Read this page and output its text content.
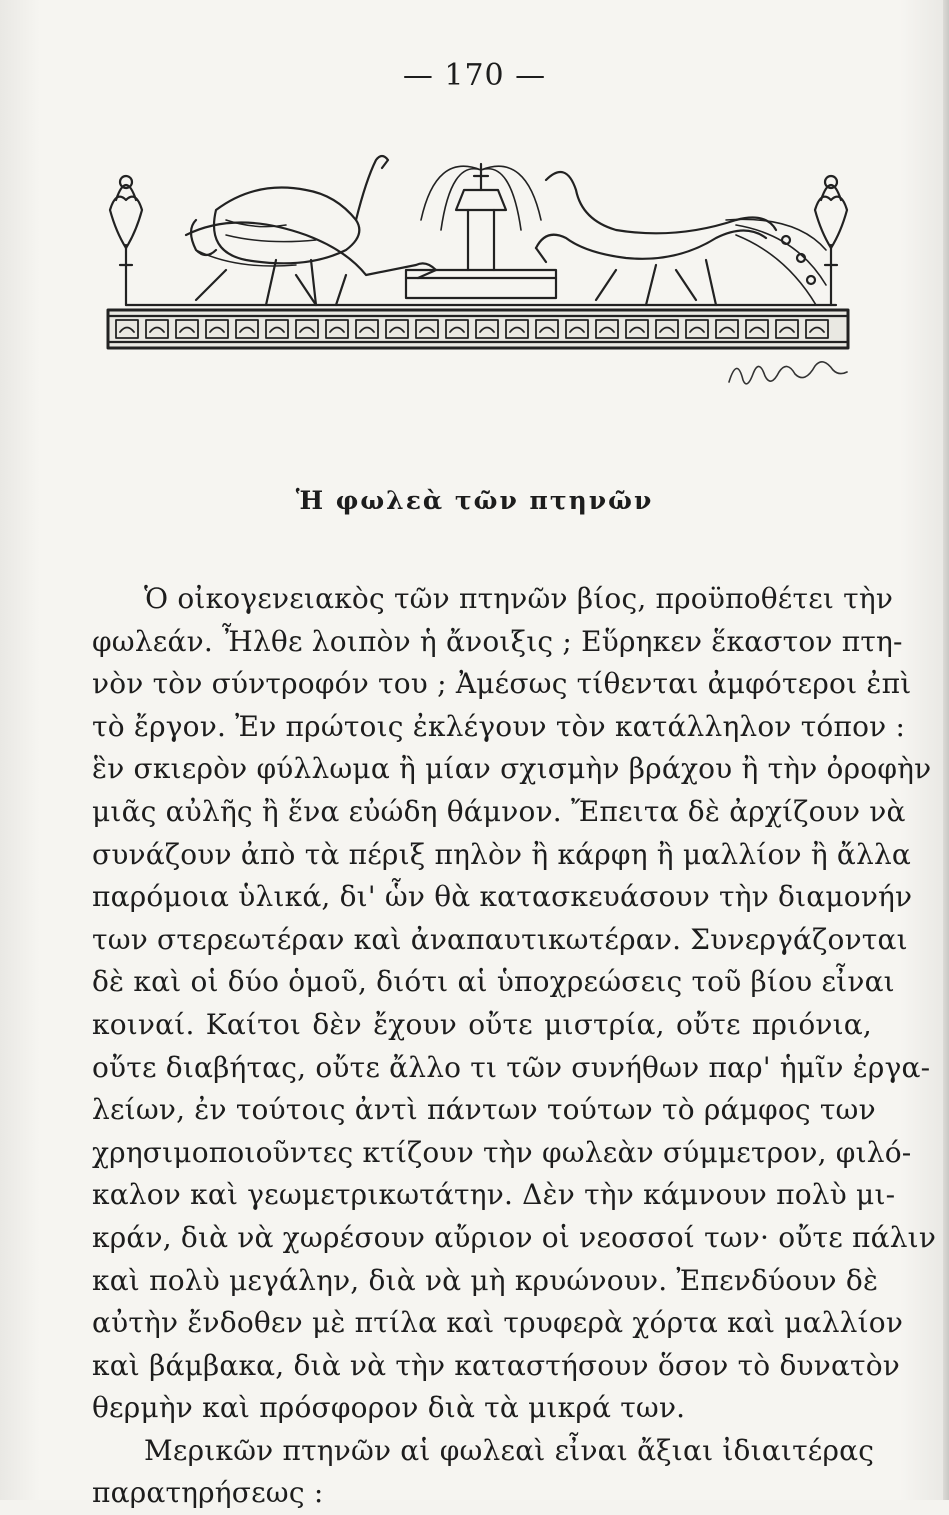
— 170 —
Ἡ φωλεὰ τῶν πτηνῶν
Ὁ οἰκογενειακὸς τῶν πτηνῶν βίος, προϋποθέτει τὴν
φωλεάν. Ἦλθε λοιπὸν ἡ ἄνοιξις ; Εὕρηκεν ἕκαστον πτη-
νὸν τὸν σύντροφόν του ; Ἀμέσως τίθενται ἀμφότεροι ἐπὶ
τὸ ἔργον. Ἐν πρώτοις ἐκλέγουν τὸν κατάλληλον τόπον :
ἓν σκιερὸν φύλλωμα ἢ μίαν σχισμὴν βράχου ἢ τὴν ὀροφὴν
μιᾶς αὐλῆς ἢ ἕνα εὐώδη θάμνον. Ἔπειτα δὲ ἀρχίζουν νὰ
συνάζουν ἀπὸ τὰ πέριξ πηλὸν ἢ κάρφη ἢ μαλλίον ἢ ἄλλα
παρόμοια ὑλικά, δι' ὧν θὰ κατασκευάσουν τὴν διαμονήν
των στερεωτέραν καὶ ἀναπαυτικωτέραν. Συνεργάζονται
δὲ καὶ οἱ δύο ὁμοῦ, διότι αἱ ὑποχρεώσεις τοῦ βίου εἶναι
κοιναί. Καίτοι δὲν ἔχουν οὔτε μιστρία, οὔτε πριόνια,
οὔτε διαβήτας, οὔτε ἄλλο τι τῶν συνήθων παρ' ἡμῖν ἐργα-
λείων, ἐν τούτοις ἀντὶ πάντων τούτων τὸ ράμφος των
χρησιμοποιοῦντες κτίζουν τὴν φωλεὰν σύμμετρον, φιλό-
καλον καὶ γεωμετρικωτάτην. Δὲν τὴν κάμνουν πολὺ μι-
κράν, διὰ νὰ χωρέσουν αὔριον οἱ νεοσσοί των· οὔτε πάλιν
καὶ πολὺ μεγάλην, διὰ νὰ μὴ κρυώνουν. Ἐπενδύουν δὲ
αὐτὴν ἔνδοθεν μὲ πτίλα καὶ τρυφερὰ χόρτα καὶ μαλλίον
καὶ βάμβακα, διὰ νὰ τὴν καταστήσουν ὅσον τὸ δυνατὸν
θερμὴν καὶ πρόσφορον διὰ τὰ μικρά των.
Μερικῶν πτηνῶν αἱ φωλεαὶ εἶναι ἄξιαι ἰδιαιτέρας
παρατηρήσεως :
